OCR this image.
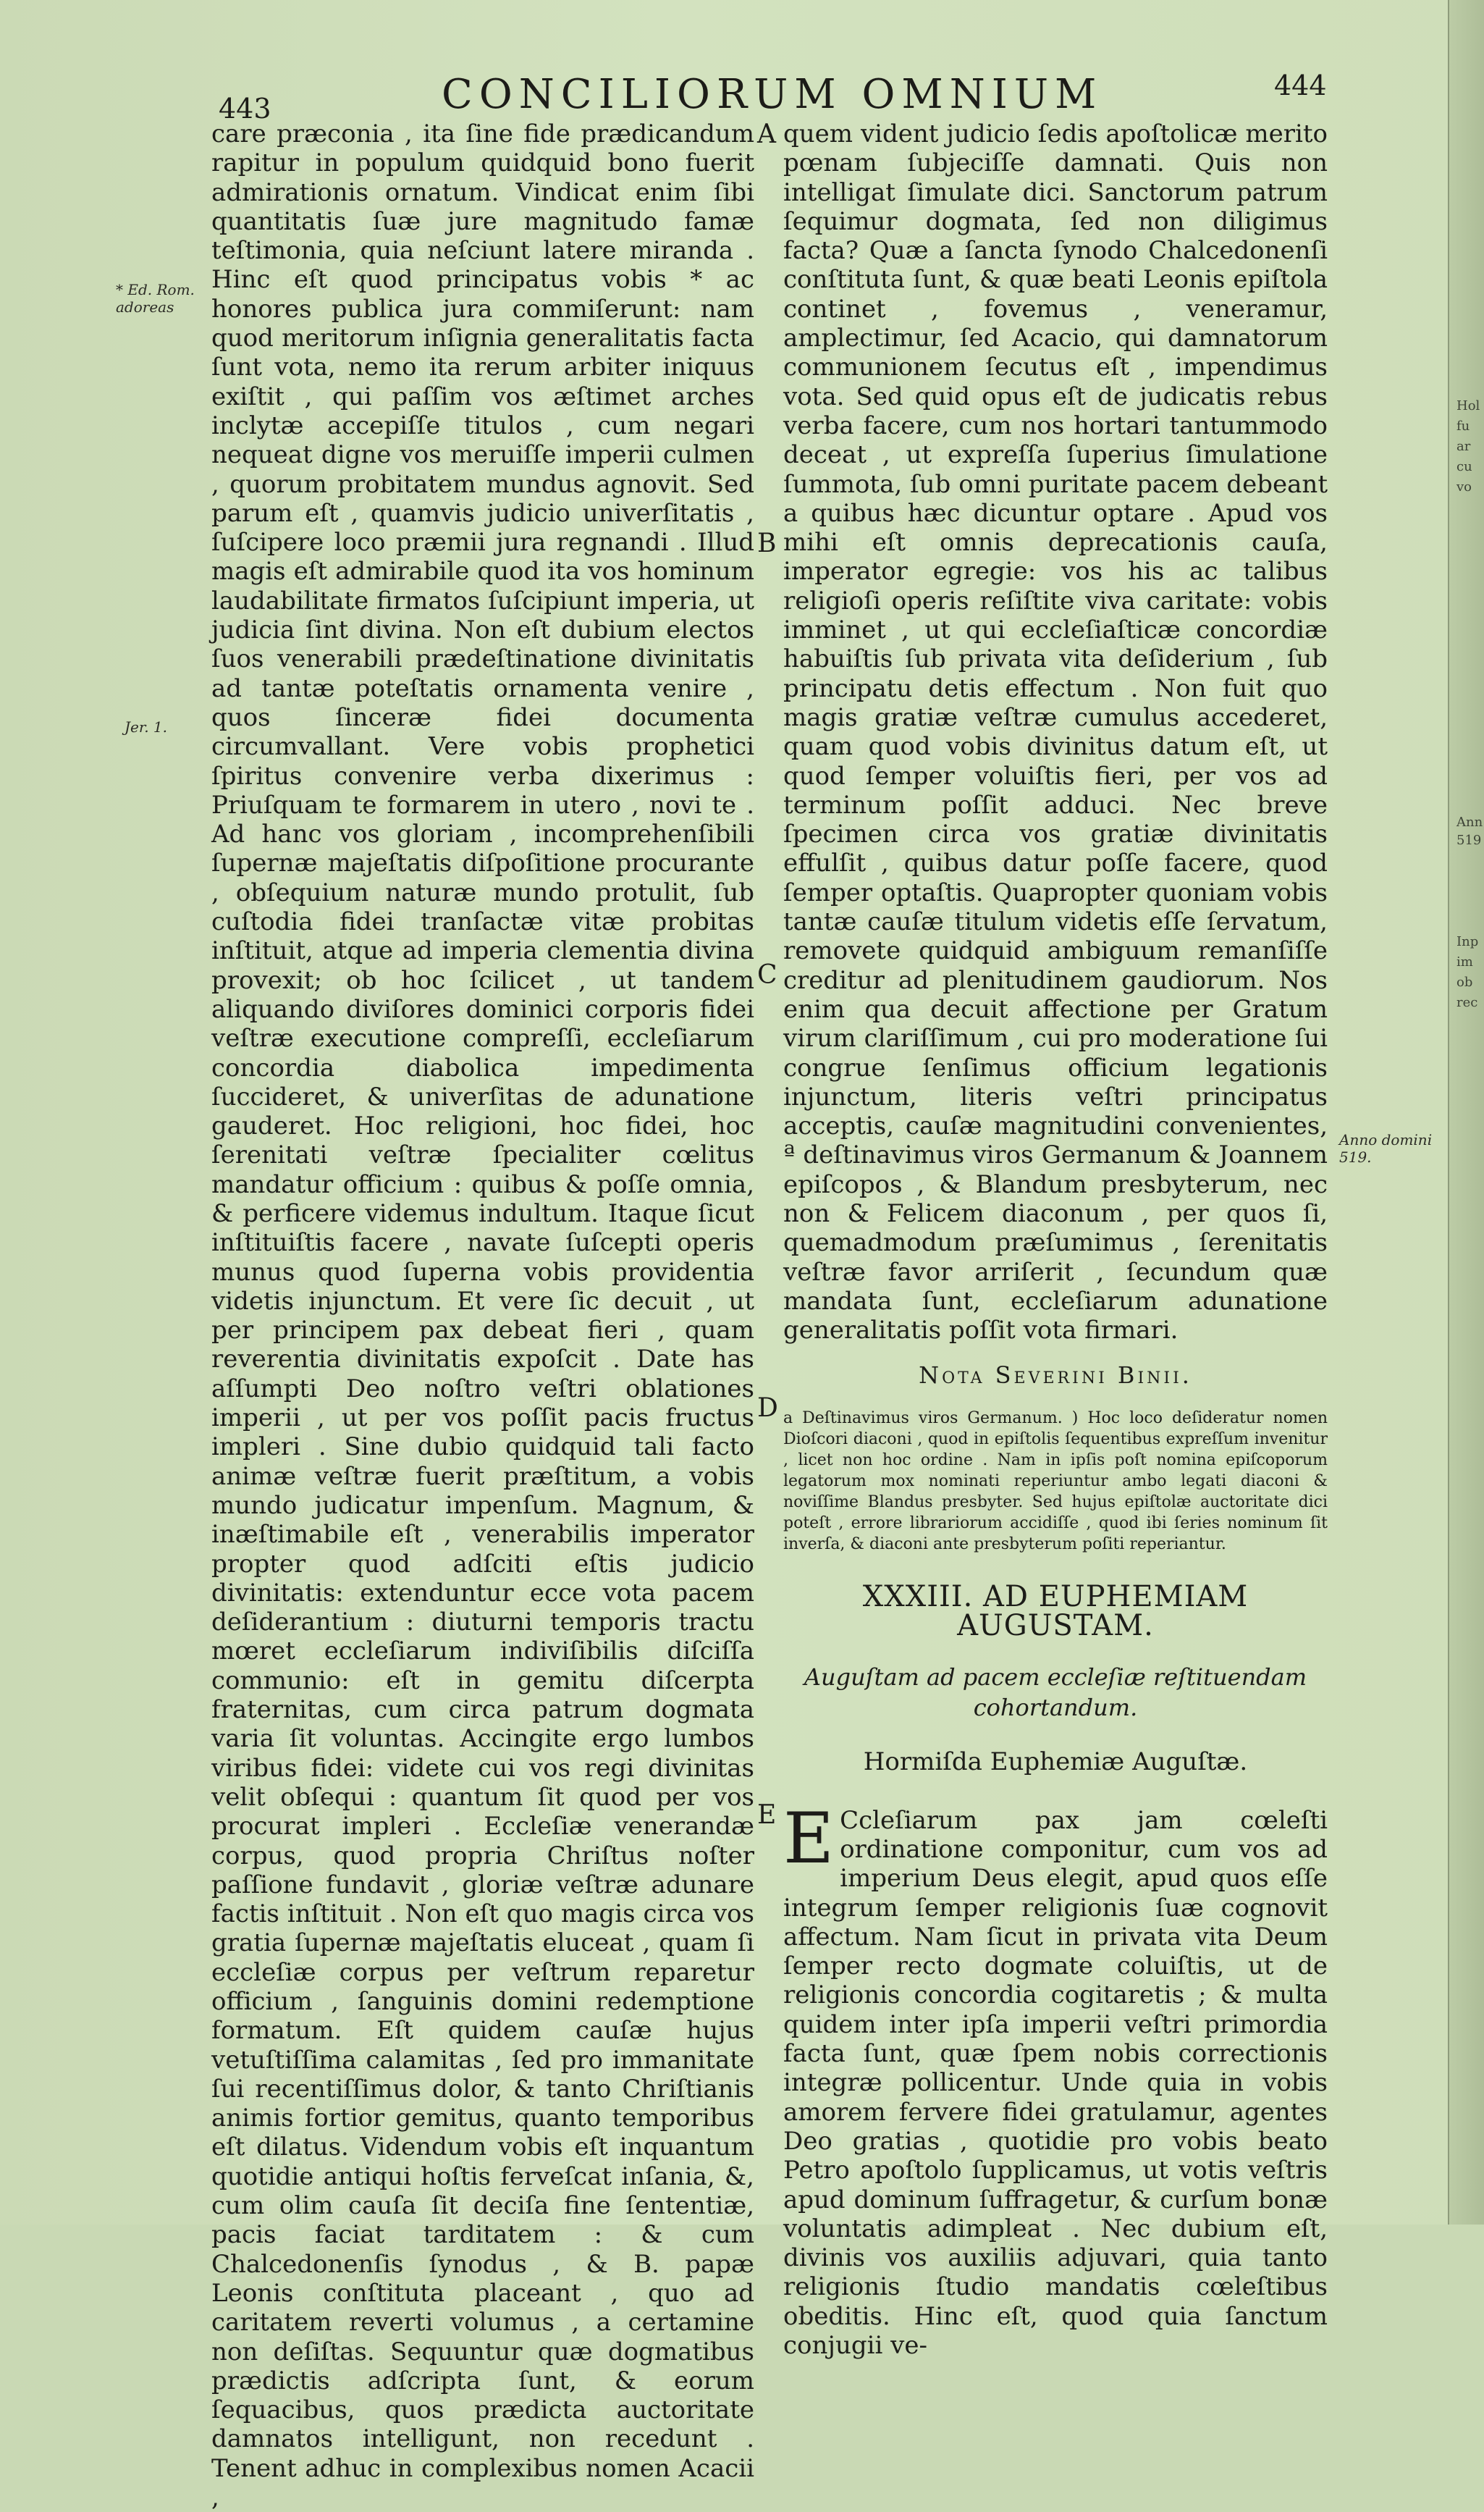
Hol
fu
ar
cu
vo
Ann
519
Inp
im
ob
rec
443	CONCILIORUM OMNIUM	444
* Ed. Rom. adoreas
Jer. 1.
Anno domini 519.
A
B
C
D
E

care præconia , ita ſine fide prædicandum rapitur in populum quidquid bono fuerit admirationis ornatum. Vindicat enim ſibi quantitatis ſuæ jure magnitudo famæ teſtimonia, quia neſciunt latere miranda . Hinc eſt quod principatus vobis * ac honores publica jura commiſerunt: nam quod meritorum inſignia generalitatis facta ſunt vota, nemo ita rerum arbiter iniquus exiſtit , qui paſſim vos æſtimet arches inclytæ accepiſſe titulos , cum negari nequeat digne vos meruiſſe imperii culmen , quorum probitatem mundus agnovit. Sed parum eſt , quamvis judicio univerſitatis , ſuſcipere loco præmii jura regnandi . Illud magis eſt admirabile quod ita vos hominum laudabilitate firmatos ſuſcipiunt imperia, ut judicia ſint divina. Non eſt dubium electos ſuos venerabili prædeſtinatione divinitatis ad tantæ poteſtatis ornamenta venire , quos ſinceræ fidei documenta circumvallant. Vere vobis prophetici ſpiritus convenire verba dixerimus : Priuſquam te formarem in utero , novi te . Ad hanc vos gloriam , incomprehenſibili ſupernæ majeſtatis diſpoſitione procurante , obſequium naturæ mundo protulit, ſub cuſtodia fidei tranſactæ vitæ probitas inſtituit, atque ad imperia clementia divina provexit; ob hoc ſcilicet , ut tandem aliquando diviſores dominici corporis fidei veſtræ executione compreſſi, eccleſiarum concordia diabolica impedimenta ſuccideret, & univerſitas de adunatione gauderet. Hoc religioni, hoc fidei, hoc ſerenitati veſtræ ſpecialiter cœlitus mandatur officium : quibus & poſſe omnia, & perficere videmus indultum. Itaque ſicut inſtituiſtis facere , navate ſuſcepti operis munus quod ſuperna vobis providentia videtis injunctum. Et vere ſic decuit , ut per principem pax debeat fieri , quam reverentia divinitatis expoſcit . Date has aſſumpti Deo noſtro veſtri oblationes imperii , ut per vos poſſit pacis fructus impleri . Sine dubio quidquid tali facto animæ veſtræ fuerit præſtitum, a vobis mundo judicatur impenſum. Magnum, & inæſtimabile eſt , venerabilis imperator propter quod adſciti eſtis judicio divinitatis: extenduntur ecce vota pacem deſiderantium : diuturni temporis tractu mœret eccleſiarum indiviſibilis diſciſſa communio: eſt in gemitu diſcerpta fraternitas, cum circa patrum dogmata varia ſit voluntas. Accingite ergo lumbos viribus fidei: videte cui vos regi divinitas velit obſequi : quantum ſit quod per vos procurat impleri . Eccleſiæ venerandæ corpus, quod propria Chriſtus noſter paſſione fundavit , gloriæ veſtræ adunare factis inſtituit . Non eſt quo magis circa vos gratia ſupernæ majeſtatis eluceat , quam ſi eccleſiæ corpus per veſtrum reparetur officium , ſanguinis domini redemptione formatum. Eſt quidem cauſæ hujus vetuſtiſſima calamitas , ſed pro immanitate ſui recentiſſimus dolor, & tanto Chriſtianis animis fortior gemitus, quanto temporibus eſt dilatus. Videndum vobis eſt inquantum quotidie antiqui hoſtis ferveſcat inſania, &, cum olim cauſa ſit deciſa fine ſententiæ, pacis faciat tarditatem : & cum Chalcedonenſis ſynodus , & B. papæ Leonis conſtituta placeant , quo ad caritatem reverti volumus , a certamine non deſiſtas. Sequuntur quæ dogmatibus prædictis adſcripta ſunt, & eorum ſequacibus, quos prædicta auctoritate damnatos intelligunt, non recedunt . Tenent adhuc in complexibus nomen Acacii ,

quem vident judicio ſedis apoſtolicæ merito pœnam ſubjeciſſe damnati. Quis non intelligat ſimulate dici. Sanctorum patrum ſequimur dogmata, ſed non diligimus facta? Quæ a ſancta ſynodo Chalcedonenſi conſtituta ſunt, & quæ beati Leonis epiſtola continet , fovemus , veneramur, amplectimur, ſed Acacio, qui damnatorum communionem ſecutus eſt , impendimus vota. Sed quid opus eſt de judicatis rebus verba facere, cum nos hortari tantummodo deceat , ut expreſſa ſuperius ſimulatione ſummota, ſub omni puritate pacem debeant a quibus hæc dicuntur optare . Apud vos mihi eſt omnis deprecationis cauſa, imperator egregie: vos his ac talibus religioſi operis reſiſtite viva caritate: vobis imminet , ut qui eccleſiaſticæ concordiæ habuiſtis ſub privata vita deſiderium , ſub principatu detis effectum . Non fuit quo magis gratiæ veſtræ cumulus accederet, quam quod vobis divinitus datum eſt, ut quod ſemper voluiſtis fieri, per vos ad terminum poſſit adduci. Nec breve ſpecimen circa vos gratiæ divinitatis effulſit , quibus datur poſſe facere, quod ſemper optaſtis. Quapropter quoniam vobis tantæ cauſæ titulum videtis eſſe ſervatum, removete quidquid ambiguum remanſiſſe creditur ad plenitudinem gaudiorum. Nos enim qua decuit affectione per Gratum virum clariſſimum , cui pro moderatione ſui congrue ſenſimus officium legationis injunctum, literis veſtri principatus acceptis, cauſæ magnitudini convenientes, ª deſtinavimus viros Germanum & Joannem epiſcopos , & Blandum presbyterum, nec non & Felicem diaconum , per quos ſi, quemadmodum præſumimus , ſerenitatis veſtræ favor arriſerit , ſecundum quæ mandata ſunt, eccleſiarum adunatione generalitatis poſſit vota firmari.

Nota Severini Binii.

a Deſtinavimus viros Germanum. ) Hoc loco deſideratur nomen Dioſcori diaconi , quod in epiſtolis ſequentibus expreſſum invenitur , licet non hoc ordine . Nam in ipſis poſt nomina epiſcoporum legatorum mox nominati reperiuntur ambo legati diaconi & noviſſime Blandus presbyter. Sed hujus epiſtolæ auctoritate dici poteſt , errore librariorum accidiſſe , quod ibi ſeries nominum ſit inverſa, & diaconi ante presbyterum poſiti reperiantur.

XXXIII. AD EUPHEMIAM AUGUSTAM.

Auguſtam ad pacem eccleſiæ reſtituendam cohortandum.

Hormiſda Euphemiæ Auguſtæ.

E Ccleſiarum pax jam cœleſti ordinatione componitur, cum vos ad imperium Deus elegit, apud quos eſſe integrum ſemper religionis ſuæ cognovit affectum. Nam ſicut in privata vita Deum ſemper recto dogmate coluiſtis, ut de religionis concordia cogitaretis ; & multa quidem inter ipſa imperii veſtri primordia facta ſunt, quæ ſpem nobis correctionis integræ pollicentur. Unde quia in vobis amorem fervere fidei gratulamur, agentes Deo gratias , quotidie pro vobis beato Petro apoſtolo ſupplicamus, ut votis veſtris apud dominum ſuffragetur, & curſum bonæ voluntatis adimpleat . Nec dubium eſt, divinis vos auxiliis adjuvari, quia tanto religionis ſtudio mandatis cœleſtibus obeditis. Hinc eſt, quod quia ſanctum conjugii ve-
